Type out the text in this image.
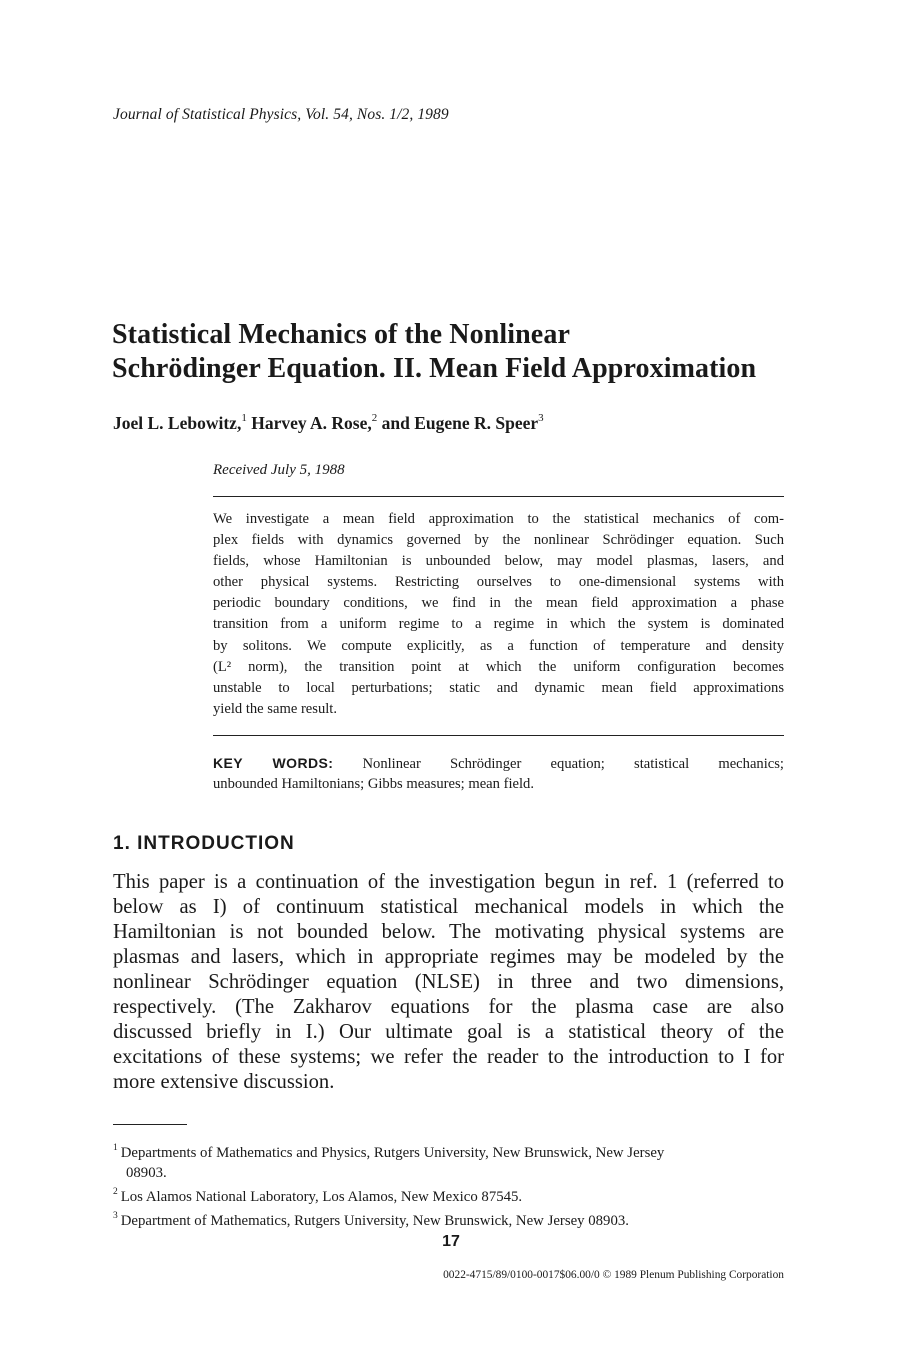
Journal of Statistical Physics, Vol. 54, Nos. 1/2, 1989
Statistical Mechanics of the Nonlinear
Schrödinger Equation. II. Mean Field Approximation
Joel L. Lebowitz,$^1$ Harvey A. Rose,$^2$ and Eugene R. Speer$^3$
Received July 5, 1988
We investigate a mean field approximation to the statistical mechanics of com-
plex fields with dynamics governed by the nonlinear Schrödinger equation. Such
fields, whose Hamiltonian is unbounded below, may model plasmas, lasers, and
other physical systems. Restricting ourselves to one-dimensional systems with
periodic boundary conditions, we find in the mean field approximation a phase
transition from a uniform regime to a regime in which the system is dominated
by solitons. We compute explicitly, as a function of temperature and density
(L² norm), the transition point at which the uniform configuration becomes
unstable to local perturbations; static and dynamic mean field approximations
yield the same result.
KEY WORDS: Nonlinear Schrödinger equation; statistical mechanics;
unbounded Hamiltonians; Gibbs measures; mean field.
1. INTRODUCTION
This paper is a continuation of the investigation begun in ref. 1 (referred to
below as I) of continuum statistical mechanical models in which the
Hamiltonian is not bounded below. The motivating physical systems are
plasmas and lasers, which in appropriate regimes may be modeled by the
nonlinear Schrödinger equation (NLSE) in three and two dimensions,
respectively. (The Zakharov equations for the plasma case are also
discussed briefly in I.) Our ultimate goal is a statistical theory of the
excitations of these systems; we refer the reader to the introduction to I for
more extensive discussion.
$^1$ Departments of Mathematics and Physics, Rutgers University, New Brunswick, New Jersey
08903.
$^2$ Los Alamos National Laboratory, Los Alamos, New Mexico 87545.
$^3$ Department of Mathematics, Rutgers University, New Brunswick, New Jersey 08903.
17
0022-4715/89/0100-0017$06.00/0 © 1989 Plenum Publishing Corporation
